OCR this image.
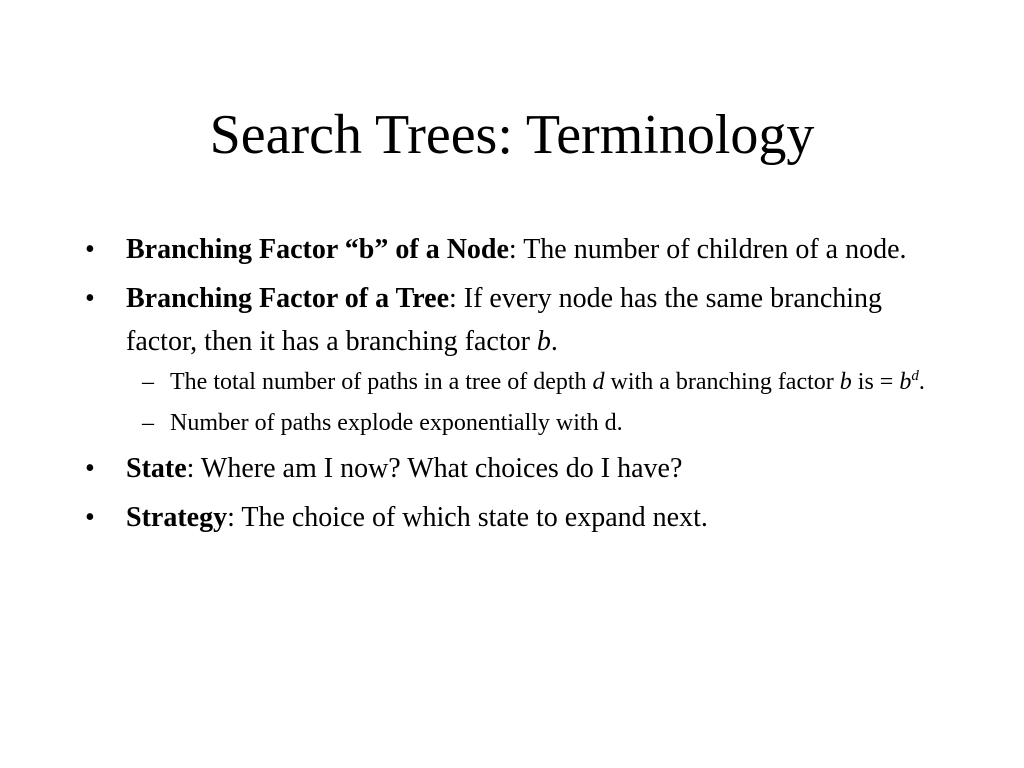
Search Trees: Terminology
• Branching Factor “b” of a Node: The number of children of a node.
• Branching Factor of a Tree: If every node has the same branching factor, then it has a branching factor b.
– The total number of paths in a tree of depth d with a branching factor b is = $b^d$.
– Number of paths explode exponentially with d.
• State: Where am I now? What choices do I have?
• Strategy: The choice of which state to expand next.
